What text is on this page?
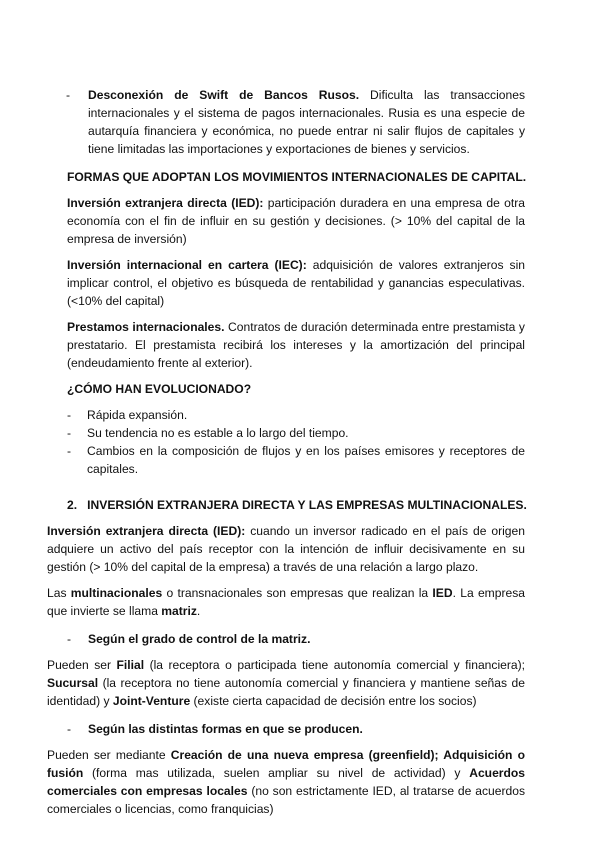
-	Desconexión de Swift de Bancos Rusos. Dificulta las transacciones internacionales y el sistema de pagos internacionales. Rusia es una especie de autarquía financiera y económica, no puede entrar ni salir flujos de capitales y tiene limitadas las importaciones y exportaciones de bienes y servicios.

FORMAS QUE ADOPTAN LOS MOVIMIENTOS INTERNACIONALES DE CAPITAL.

Inversión extranjera directa (IED): participación duradera en una empresa de otra economía con el fin de influir en su gestión y decisiones. (> 10% del capital de la empresa de inversión)

Inversión internacional en cartera (IEC): adquisición de valores extranjeros sin implicar control, el objetivo es búsqueda de rentabilidad y ganancias especulativas. (<10% del capital)

Prestamos internacionales. Contratos de duración determinada entre prestamista y prestatario. El prestamista recibirá los intereses y la amortización del principal (endeudamiento frente al exterior).

¿CÓMO HAN EVOLUCIONADO?

-	Rápida expansión.

-	Su tendencia no es estable a lo largo del tiempo.

-	Cambios en la composición de flujos y en los países emisores y receptores de capitales.

2.   INVERSIÓN EXTRANJERA DIRECTA Y LAS EMPRESAS MULTINACIONALES.

Inversión extranjera directa (IED): cuando un inversor radicado en el país de origen adquiere un activo del país receptor con la intención de influir decisivamente en su gestión (> 10% del capital de la empresa) a través de una relación a largo plazo.

Las multinacionales o transnacionales son empresas que realizan la IED. La empresa que invierte se llama matriz.

-	Según el grado de control de la matriz.

Pueden ser Filial (la receptora o participada tiene autonomía comercial y financiera); Sucursal (la receptora no tiene autonomía comercial y financiera y mantiene señas de identidad) y Joint-Venture (existe cierta capacidad de decisión entre los socios)

-	Según las distintas formas en que se producen.

Pueden ser mediante Creación de una nueva empresa (greenfield); Adquisición o fusión (forma mas utilizada, suelen ampliar su nivel de actividad) y Acuerdos comerciales con empresas locales (no son estrictamente IED, al tratarse de acuerdos comerciales o licencias, como franquicias)
